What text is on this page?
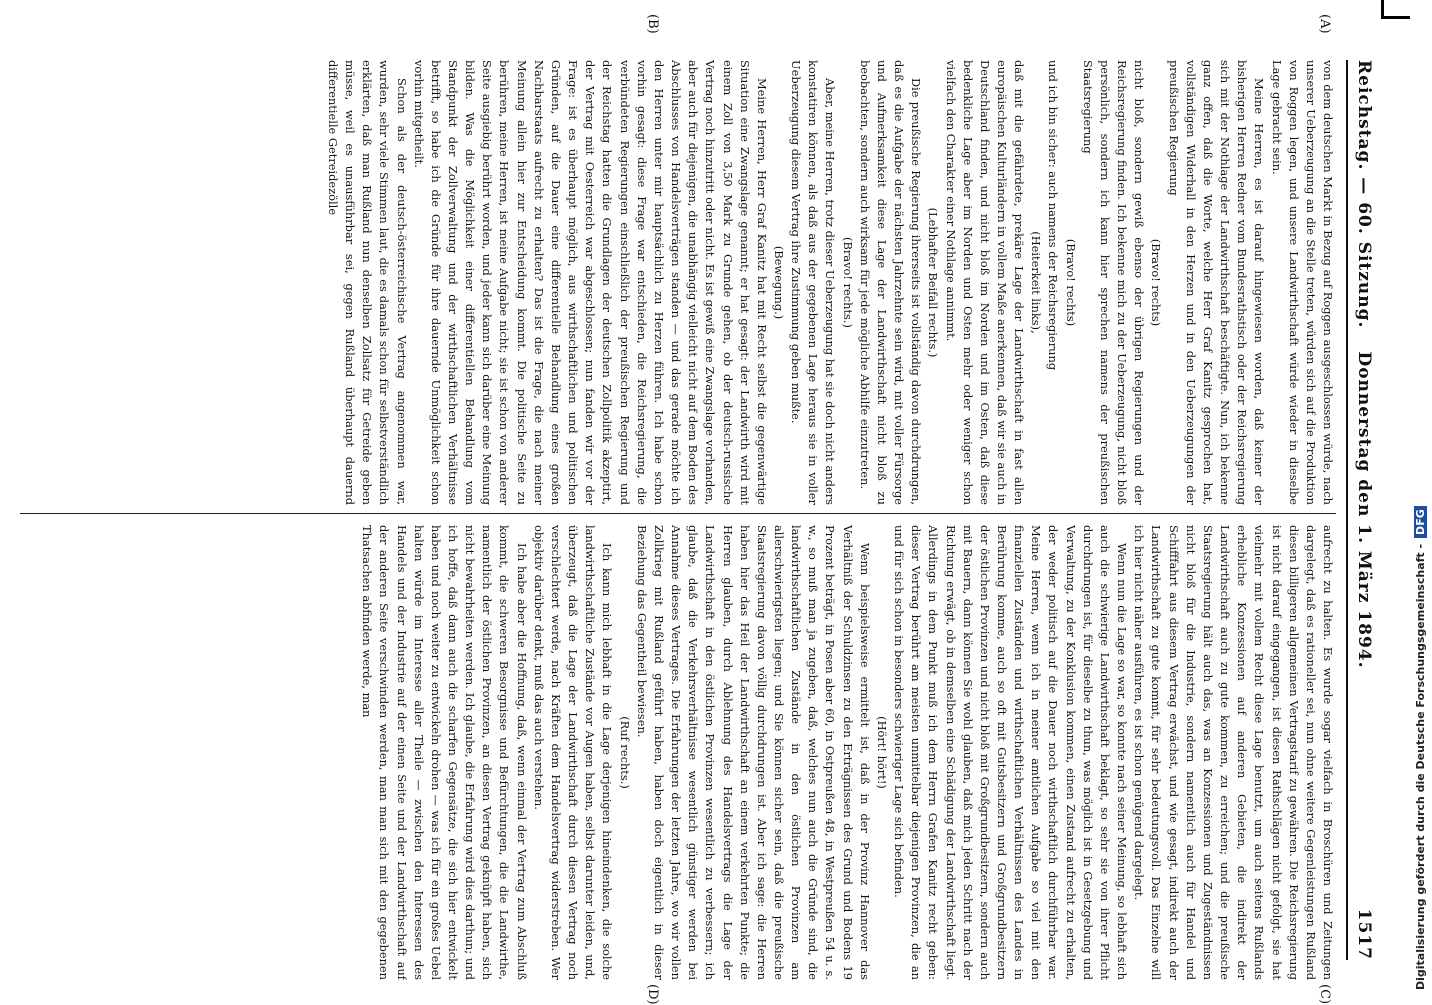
Reichstag. — 60. Sitzung.
Donnerstag den 1. März 1894.
1517
(A)
(B)
(C)
(D)

von dem deutschen Markt in Bezug auf Roggen ausgeschlossen würde, nach unserer Ueberzeugung an die Stelle treten, würden sich auf die Produktion von Roggen legen, und unsere Landwirthschaft würde wieder in dieselbe Lage gebracht sein.

Meine Herren, es ist darauf hingewiesen worden, daß keiner der bisherigen Herren Redner vom Bundesrathstisch oder der Reichsregierung sich mit der Nothlage der Landwirthschaft beschäftigte. Nun, ich bekenne ganz offen, daß die Worte, welche Herr Graf Kanitz gesprochen hat, vollständigen Widerhall in den Herzen und in den Ueberzeugungen der preußischen Regierung

(Bravo! rechts)

nicht bloß, sondern gewiß ebenso der übrigen Regierungen und der Reichsregierung finden. Ich bekenne mich zu der Ueberzeugung, nicht bloß persönlich, sondern ich kann hier sprechen namens der preußischen Staatsregierung

(Bravo! rechts)

und ich bin sicher: auch namens der Reichsregierung

(Heiterkeit links),

daß mit die gefährdete, prekäre Lage der Landwirthschaft in fast allen europäischen Kulturländern in vollem Maße anerkennen, daß wir sie auch in Deutschland finden, und nicht bloß im Norden und im Osten, daß diese bedenkliche Lage aber im Norden und Osten mehr oder weniger schon vielfach den Charakter einer Nothlage annimmt.

(Lebhafter Beifall rechts.)

Die preußische Regierung ihrerseits ist vollständig davon durchdrungen, daß es die Aufgabe der nächsten Jahrzehnte sein wird, mit voller Fürsorge und Aufmerksamkeit diese Lage der Landwirthschaft nicht bloß zu beobachten, sondern auch wirksam für jede mögliche Abhilfe einzutreten.

(Bravo! rechts.)

Aber, meine Herren, trotz dieser Ueberzeugung hat sie doch nicht anders konstatiren können, als daß aus der gegebenen Lage heraus sie in voller Ueberzeugung diesem Vertrag ihre Zustimmung geben mußte.

(Bewegung.)

Meine Herren, Herr Graf Kanitz hat mit Recht selbst die gegenwärtige Situation eine Zwangslage genannt; er hat gesagt: der Landwirth wird mit einem Zoll von 3,50 Mark zu Grunde gehen, ob der deutsch-russische Vertrag noch hinzutritt oder nicht. Es ist gewiß eine Zwangslage vorhanden, aber auch für diejenigen, die unabhängig vielleicht nicht auf dem Boden des Abschlusses von Handelsverträgen standen — und das gerade möchte ich den Herren unter mir hauptsächlich zu Herzen führen. Ich habe schon vorhin gesagt: diese Frage war entschieden, die Reichsregierung, die verbündeten Regierungen einschließlich der preußischen Regierung und der Reichstag hatten die Grundlagen der deutschen Zollpolitik akzeptirt, der Vertrag mit Oesterreich war abgeschlossen; nun fanden wir vor der Frage: ist es überhaupt möglich, aus wirthschaftlichen und politischen Gründen, auf die Dauer eine differentielle Behandlung eines großen Nachbarstaats aufrecht zu erhalten? Das ist die Frage, die nach meiner Meinung allein hier zur Entscheidung kommt. Die politische Seite zu berühren, meine Herren, ist meine Aufgabe nicht; sie ist schon von anderer Seite ausgiebig berührt worden, und jeder kann sich darüber eine Meinung bilden. Was die Möglichkeit einer differentiellen Behandlung vom Standpunkt der Zollverwaltung und der wirthschaftlichen Verhältnisse betrifft, so habe ich die Gründe für ihre dauernde Unmöglichkeit schon vorhin mitgetheilt.

Schon als der deutsch-österreichische Vertrag angenommen war, wurden, sehr viele Stimmen laut, die es damals schon für selbstverständlich erklärten, daß man Rußland nun denselben Zollsatz für Getreide geben müsse, weil es unausführbar sei, gegen Rußland überhaupt dauernd differentielle Getreidezölle

aufrecht zu halten. Es wurde sogar vielfach in Broschüren und Zeitungen dargelegt, daß es rationeller sei, nun ohne weitere Gegenleistungen Rußland diesen billigeren allgemeinen Vertragstarif zu gewähren. Die Reichsregierung ist nicht darauf eingegangen, ist diesen Rathschlägen nicht gefolgt, sie hat vielmehr mit vollem Recht diese Lage benutzt, um auch seitens Rußlands erhebliche Konzessionen auf anderen Gebieten, die indirekt der Landwirthschaft auch zu gute kommen, zu erreichen; und die preußische Staatsregierung hält auch das, was an Konzessionen und Zugeständnissen nicht bloß für die Industrie, sondern namentlich auch für Handel und Schifffahrt aus diesem Vertrag erwächst, und wie gesagt, indirekt auch der Landwirthschaft zu gute kommt, für sehr bedeutungsvoll. Das Einzelne will ich hier nicht näher ausführen, es ist schon genügend dargelegt.

Wenn nun die Lage so war, so konnte nach seiner Meinung, so lebhaft sich auch die schwierige Landwirthschaft beklagt, so sehr sie von ihrer Pflicht durchdrungen ist, für dieselbe zu thun, was möglich ist in Gesetzgebung und Verwaltung, zu der Konklusion kommen, einen Zustand aufrecht zu erhalten, der weder politisch auf die Dauer noch wirthschaftlich durchführbar war. Meine Herren, wenn ich in meiner amtlichen Aufgabe so viel mit den finanziellen Zuständen und wirthschaftlichen Verhältnissen des Landes in Berührung komme, auch so oft mit Gutsbesitzern und Großgrundbesitzern der östlichen Provinzen und nicht bloß mit Großgrundbesitzern, sondern auch mit Bauern, dann können Sie wohl glauben, daß mich jeden Schritt nach der Richtung erwägt, ob in demselben eine Schädigung der Landwirthschaft liegt. Allerdings in dem Punkt muß ich dem Herrn Grafen Kanitz recht geben: dieser Vertrag berührt am meisten unmittelbar diejenigen Provinzen, die an und für sich schon in besonders schwieriger Lage sich befinden.

(Hört! hört!)

Wenn beispielsweise ermittelt ist, daß in der Provinz Hannover das Verhältniß der Schuldzinsen zu den Erträgnissen des Grund und Bodens 19 Prozent beträgt, in Posen aber 60, in Ostpreußen 48, in Westpreußen 54 u. s. w., so muß man ja zugeben, daß, welches nun auch die Gründe sind, die landwirthschaftlichen Zustände in den östlichen Provinzen am allerschwierigsten liegen; und Sie können sicher sein, daß die preußische Staatsregierung davon völlig durchdrungen ist. Aber ich sage: die Herren haben hier das Heil der Landwirthschaft an einem verkehrten Punkte; die Herren glauben, durch Ablehnung des Handelsvertrags die Lage der Landwirthschaft in den östlichen Provinzen wesentlich zu verbessern; ich glaube, daß die Verkehrsverhältnisse wesentlich günstiger werden bei Annahme dieses Vertrages. Die Erfahrungen der letzten Jahre, wo wir vollen Zollkrieg mit Rußland geführt haben, haben doch eigentlich in dieser Beziehung das Gegentheil bewiesen.

(Ruf rechts.)

Ich kann mich lebhaft in die Lage derjenigen hineindenken, die solche landwirthschaftliche Zustände vor Augen haben, selbst darunter leiden, und, überzeugt, daß die Lage der Landwirthschaft durch diesen Vertrag noch verschlechtert werde, nach Kräften dem Handelsvertrag widerstreben. Wer objektiv darüber denkt, muß das auch verstehen.

Ich habe aber die Hoffnung, daß, wenn einmal der Vertrag zum Abschluß kommt, die schweren Besorgnisse und Befürchtungen, die die Landwirthe, namentlich der östlichen Provinzen, an diesen Vertrag geknüpft haben, sich nicht bewahrheiten werden. Ich glaube, die Erfahrung wird dies darthun; und ich hoffe, daß dann auch die scharfen Gegensätze, die sich hier entwickelt haben und noch weiter zu entwickeln drohen — was ich für ein großes Uebel halten würde im Interesse aller Theile — zwischen den Interessen des Handels und der Industrie auf der einen Seite und der Landwirthschaft auf der anderen Seite verschwinden werden, man man sich mit den gegebenen Thatsachen abfinden werde, man	Digitalisierung gefördert durch die Deutsche Forschungsgemeinschaft -DFG
